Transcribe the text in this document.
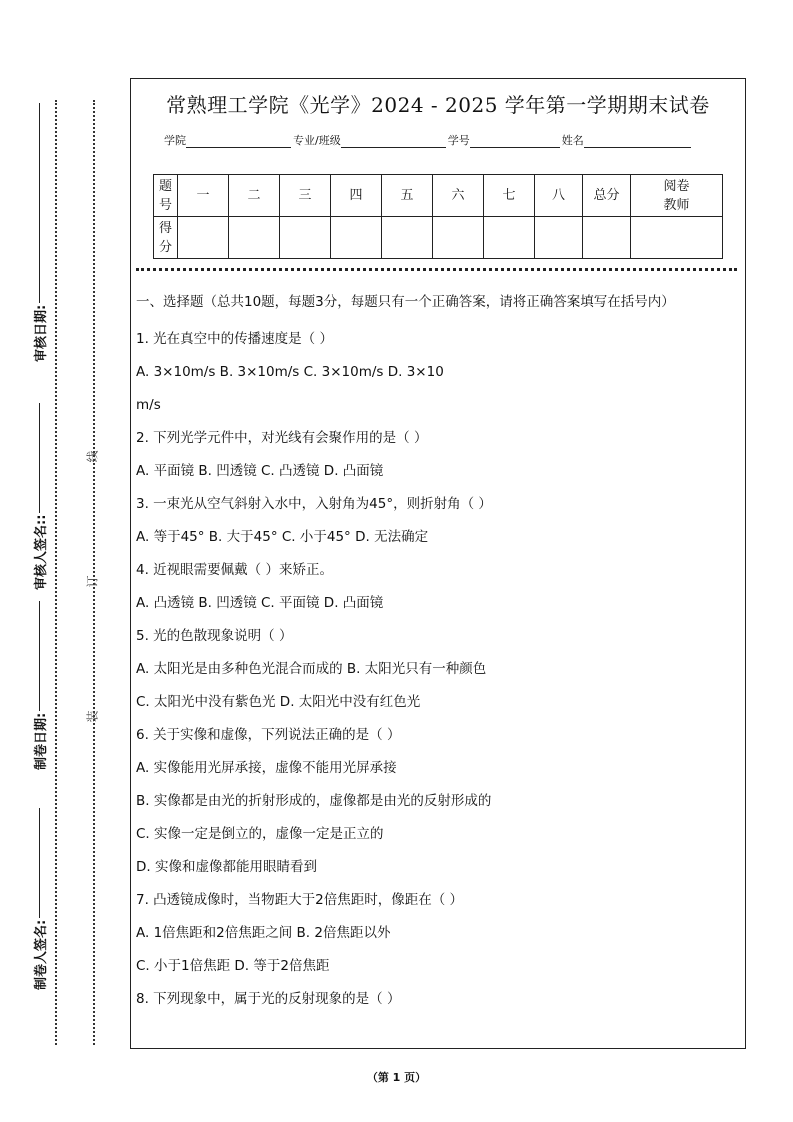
制卷人签名:
制卷日期:
审核人签名::
审核日期:
装
订
线
常熟理工学院《光学》2024 - 2025 学年第一学期期末试卷
学院	专业/班级	学号	姓名
题号	一	二	三	四	五	六	七	八	总分	阅卷教师
得分										
一、选择题（总共10题，每题3分，每题只有一个正确答案，请将正确答案填写在括号内）
1. 光在真空中的传播速度是（ ）
A. 3×10m/s B. 3×10m/s C. 3×10m/s D. 3×10
m/s
2. 下列光学元件中，对光线有会聚作用的是（ ）
A. 平面镜 B. 凹透镜 C. 凸透镜 D. 凸面镜
3. 一束光从空气斜射入水中，入射角为45°，则折射角（ ）
A. 等于45° B. 大于45° C. 小于45° D. 无法确定
4. 近视眼需要佩戴（ ）来矫正。
A. 凸透镜 B. 凹透镜 C. 平面镜 D. 凸面镜
5. 光的色散现象说明（ ）
A. 太阳光是由多种色光混合而成的 B. 太阳光只有一种颜色
C. 太阳光中没有紫色光 D. 太阳光中没有红色光
6. 关于实像和虚像，下列说法正确的是（ ）
A. 实像能用光屏承接，虚像不能用光屏承接
B. 实像都是由光的折射形成的，虚像都是由光的反射形成的
C. 实像一定是倒立的，虚像一定是正立的
D. 实像和虚像都能用眼睛看到
7. 凸透镜成像时，当物距大于2倍焦距时，像距在（ ）
A. 1倍焦距和2倍焦距之间 B. 2倍焦距以外
C. 小于1倍焦距 D. 等于2倍焦距
8. 下列现象中，属于光的反射现象的是（ ）
（第 1 页）
